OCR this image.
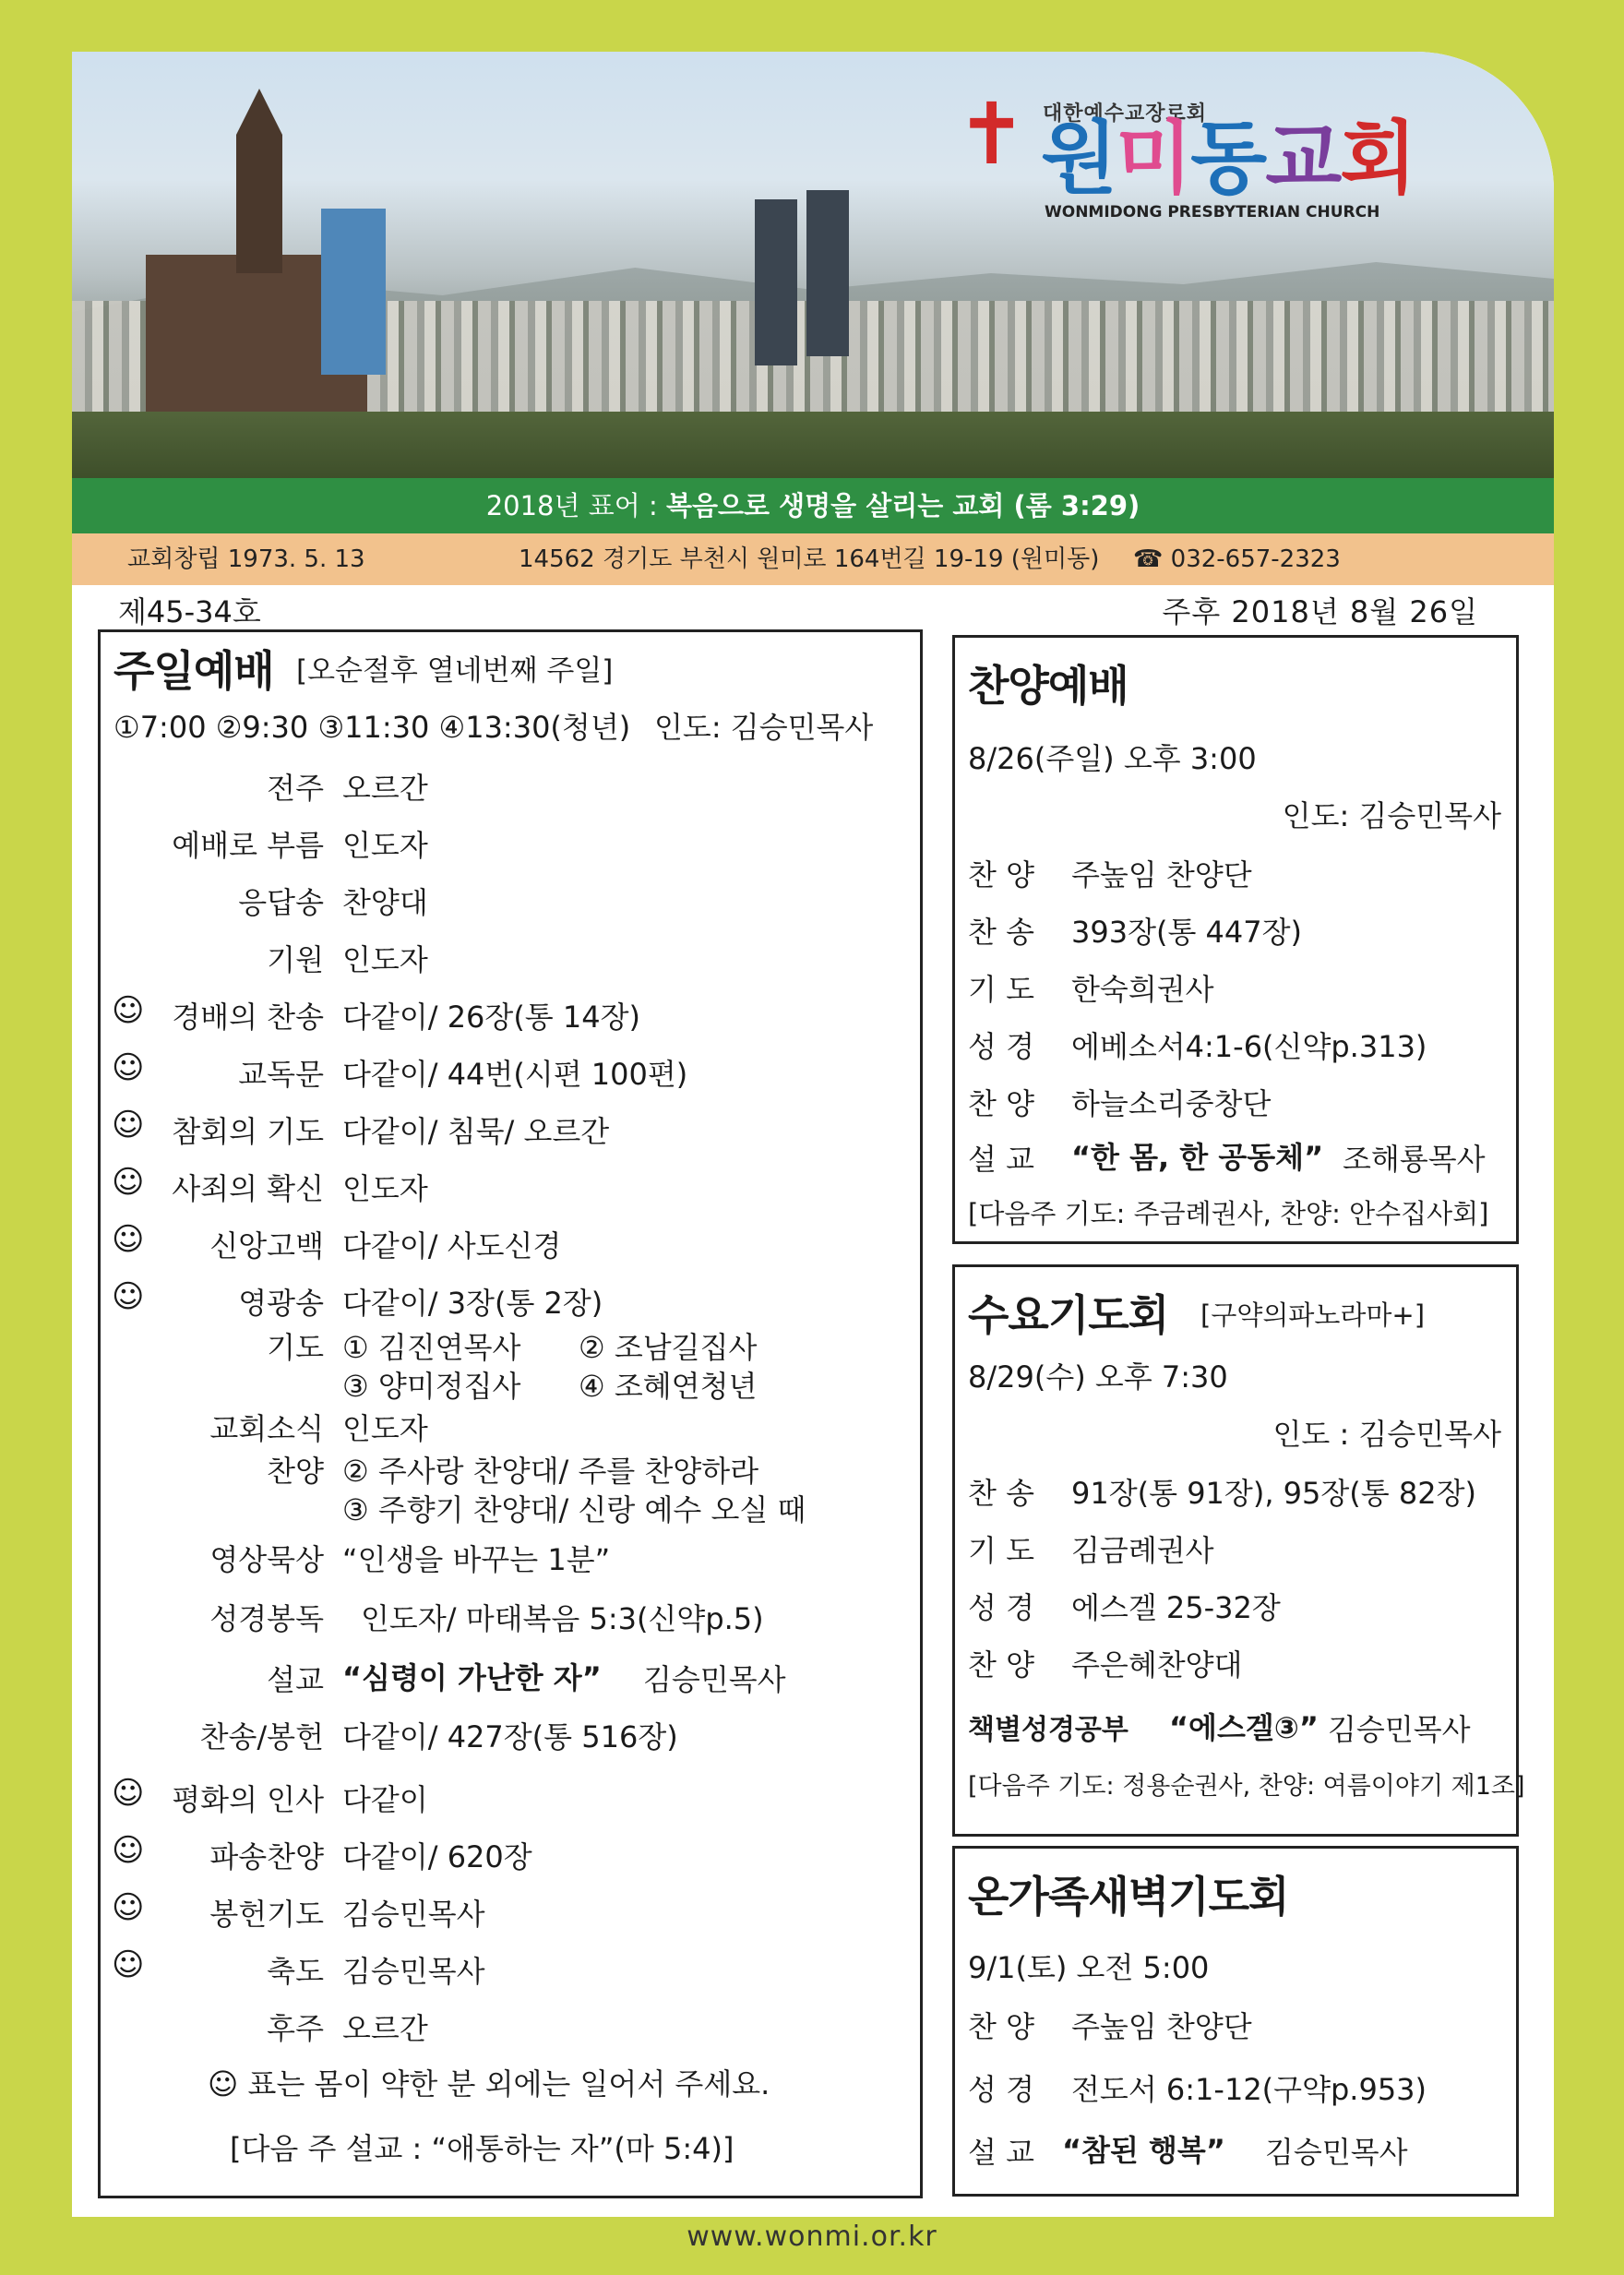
✝ 대한예수교장로회
원미동교회
WONMIDONG PRESBYTERIAN CHURCH
2018년 표어 : 복음으로 생명을 살리는 교회 (롬 3:29)
교회창립 1973. 5. 13	14562 경기도 부천시 원미로 164번길 19-19 (원미동) ☎ 032-657-2323
제45-34호	주후 2018년 8월 26일
주일예배 [오순절후 열네번째 주일]
①7:00 ②9:30 ③11:30 ④13:30(청년) 인도: 김승민목사
전주 오르간
예배로 부름 인도자
응답송 찬양대
기원 인도자
☺ 경배의 찬송 다같이/ 26장(통 14장)
☺	교독문 다같이/ 44번(시편 100편)
☺ 참회의 기도 다같이/ 침묵/ 오르간
☺ 사죄의 확신 인도자
☺ 신앙고백 다같이/ 사도신경
☺	영광송 다같이/ 3장(통 2장)
기도 ① 김진연목사 ② 조남길집사
③ 양미정집사 ④ 조혜연청년
교회소식 인도자
찬양 ② 주사랑 찬양대/ 주를 찬양하라
③ 주향기 찬양대/ 신랑 예수 오실 때
영상묵상 “인생을 바꾸는 1분”
성경봉독 인도자/ 마태복음 5:3(신약p.5)
설교 “심령이 가난한 자” 김승민목사
찬송/봉헌 다같이/ 427장(통 516장)
☺ 평화의 인사 다같이
☺ 파송찬양 다같이/ 620장
☺ 봉헌기도 김승민목사
☺	축도 김승민목사
후주 오르간
☺ 표는 몸이 약한 분 외에는 일어서 주세요.
[다음 주 설교 : “애통하는 자”(마 5:4)]
찬양예배
8/26(주일) 오후 3:00
인도: 김승민목사
찬 양 주높임 찬양단
찬 송 393장(통 447장)
기 도 한숙희권사
성 경 에베소서4:1-6(신약p.313)
찬 양 하늘소리중창단
설 교 “한 몸, 한 공동체” 조해룡목사
[다음주 기도: 주금례권사, 찬양: 안수집사회]
수요기도회 [구약의파노라마+]
8/29(수) 오후 7:30
인도 : 김승민목사
찬 송 91장(통 91장), 95장(통 82장)
기 도 김금례권사
성 경 에스겔 25-32장
찬 양 주은혜찬양대
책별성경공부 “에스겔③” 김승민목사
[다음주 기도: 정용순권사, 찬양: 여름이야기 제1조]
온가족새벽기도회
9/1(토) 오전 5:00
찬 양 주높임 찬양단
성 경 전도서 6:1-12(구약p.953)
설 교 “참된 행복” 김승민목사
www.wonmi.or.kr
